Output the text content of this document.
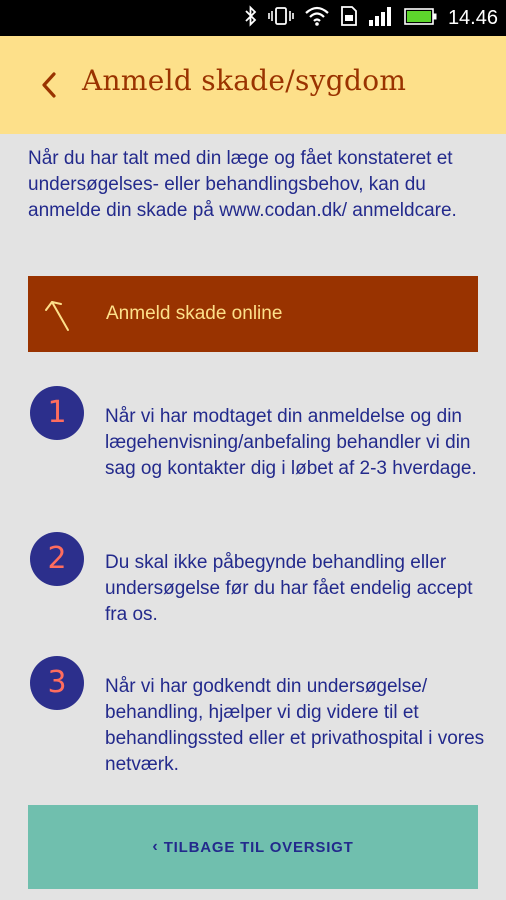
14.46
Anmeld skade/sygdom
Når du har talt med din læge og fået konstateret et undersøgelses- eller behandlingsbehov, kan du anmelde din skade på www.codan.dk/ anmeldcare.
Anmeld skade online
1	Når vi har modtaget din anmeldelse og din lægehenvisning/anbefaling behandler vi din sag og kontakter dig i løbet af 2-3 hverdage.
2	Du skal ikke påbegynde behandling eller undersøgelse før du har fået endelig accept fra os.
3	Når vi har godkendt din undersøgelse/ behandling, hjælper vi dig videre til et behandlingssted eller et privathospital i vores netværk.
‹ TILBAGE TIL OVERSIGT
